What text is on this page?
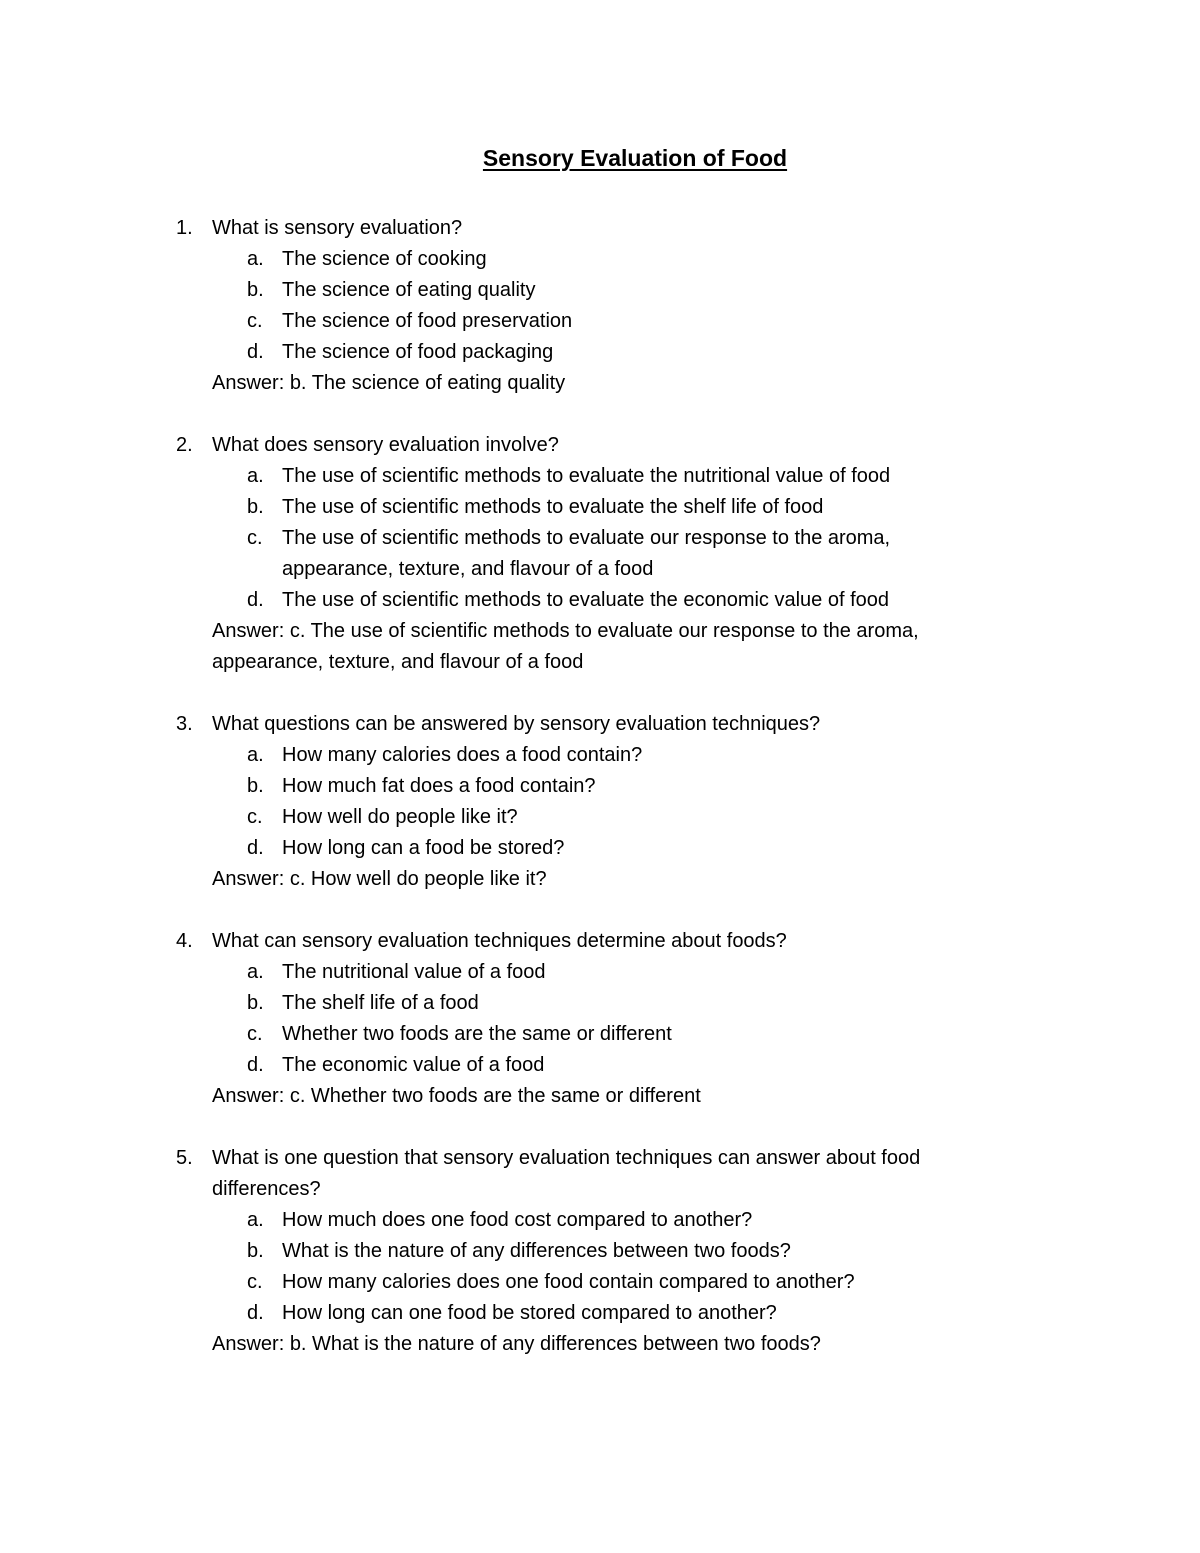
Sensory Evaluation of Food
1. What is sensory evaluation?
a. The science of cooking
b. The science of eating quality
c. The science of food preservation
d. The science of food packaging

Answer: b. The science of eating quality

2. What does sensory evaluation involve?
a. The use of scientific methods to evaluate the nutritional value of food
b. The use of scientific methods to evaluate the shelf life of food
c. The use of scientific methods to evaluate our response to the aroma, appearance, texture, and flavour of a food
d. The use of scientific methods to evaluate the economic value of food

Answer: c. The use of scientific methods to evaluate our response to the aroma, appearance, texture, and flavour of a food

3. What questions can be answered by sensory evaluation techniques?
a. How many calories does a food contain?
b. How much fat does a food contain?
c. How well do people like it?
d. How long can a food be stored?

Answer: c. How well do people like it?

4. What can sensory evaluation techniques determine about foods?
a. The nutritional value of a food
b. The shelf life of a food
c. Whether two foods are the same or different
d. The economic value of a food

Answer: c. Whether two foods are the same or different

5. What is one question that sensory evaluation techniques can answer about food differences?
a. How much does one food cost compared to another?
b. What is the nature of any differences between two foods?
c. How many calories does one food contain compared to another?
d. How long can one food be stored compared to another?

Answer: b. What is the nature of any differences between two foods?
